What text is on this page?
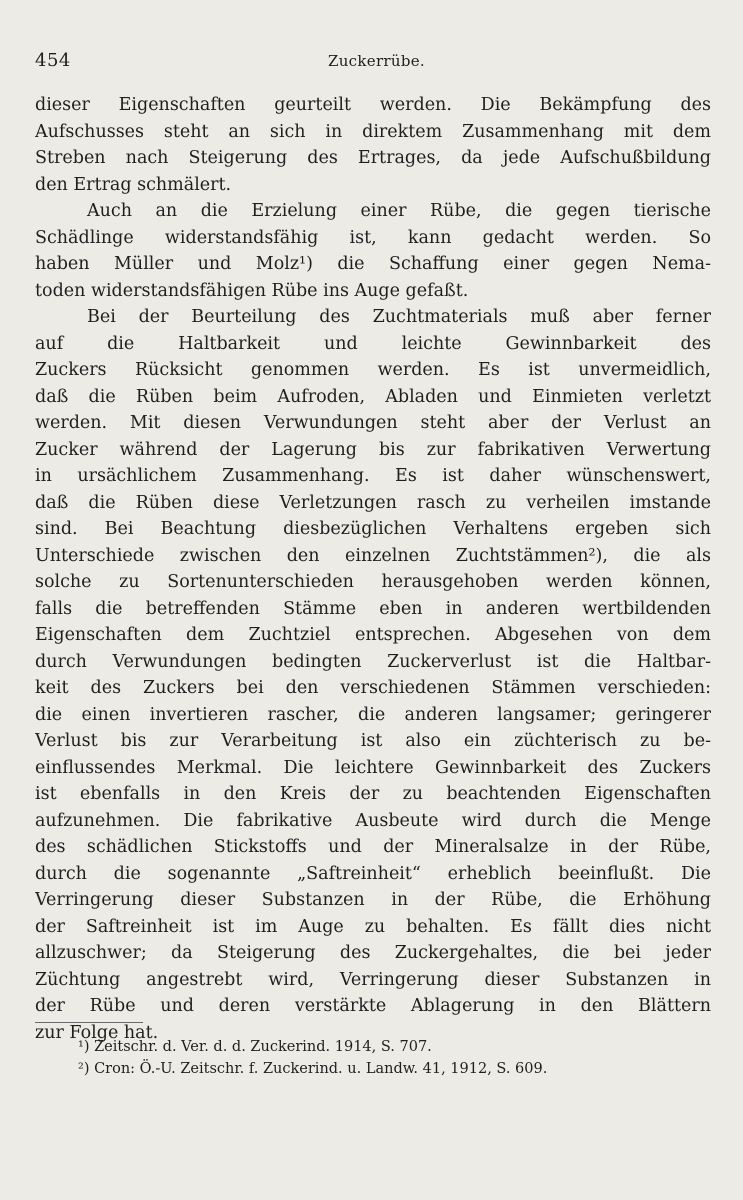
454	Zuckerrübe.
dieser Eigenschaften geurteilt werden. Die Bekämpfung des
Aufschusses steht an sich in direktem Zusammenhang mit dem
Streben nach Steigerung des Ertrages, da jede Aufschußbildung
den Ertrag schmälert.
Auch an die Erzielung einer Rübe, die gegen tierische
Schädlinge widerstandsfähig ist, kann gedacht werden. So
haben Müller und Molz¹) die Schaffung einer gegen Nema-
toden widerstandsfähigen Rübe ins Auge gefaßt.
Bei der Beurteilung des Zuchtmaterials muß aber ferner
auf die Haltbarkeit und leichte Gewinnbarkeit des
Zuckers Rücksicht genommen werden. Es ist unvermeidlich,
daß die Rüben beim Aufroden, Abladen und Einmieten verletzt
werden. Mit diesen Verwundungen steht aber der Verlust an
Zucker während der Lagerung bis zur fabrikativen Verwertung
in ursächlichem Zusammenhang. Es ist daher wünschenswert,
daß die Rüben diese Verletzungen rasch zu verheilen imstande
sind. Bei Beachtung diesbezüglichen Verhaltens ergeben sich
Unterschiede zwischen den einzelnen Zuchtstämmen²), die als
solche zu Sortenunterschieden herausgehoben werden können,
falls die betreffenden Stämme eben in anderen wertbildenden
Eigenschaften dem Zuchtziel entsprechen. Abgesehen von dem
durch Verwundungen bedingten Zuckerverlust ist die Haltbar-
keit des Zuckers bei den verschiedenen Stämmen verschieden:
die einen invertieren rascher, die anderen langsamer; geringerer
Verlust bis zur Verarbeitung ist also ein züchterisch zu be-
einflussendes Merkmal. Die leichtere Gewinnbarkeit des Zuckers
ist ebenfalls in den Kreis der zu beachtenden Eigenschaften
aufzunehmen. Die fabrikative Ausbeute wird durch die Menge
des schädlichen Stickstoffs und der Mineralsalze in der Rübe,
durch die sogenannte „Saftreinheit“ erheblich beeinflußt. Die
Verringerung dieser Substanzen in der Rübe, die Erhöhung
der Saftreinheit ist im Auge zu behalten. Es fällt dies nicht
allzuschwer; da Steigerung des Zuckergehaltes, die bei jeder
Züchtung angestrebt wird, Verringerung dieser Substanzen in
der Rübe und deren verstärkte Ablagerung in den Blättern
zur Folge hat.
¹) Zeitschr. d. Ver. d. d. Zuckerind. 1914, S. 707.
²) Cron: Ö.-U. Zeitschr. f. Zuckerind. u. Landw. 41, 1912, S. 609.
